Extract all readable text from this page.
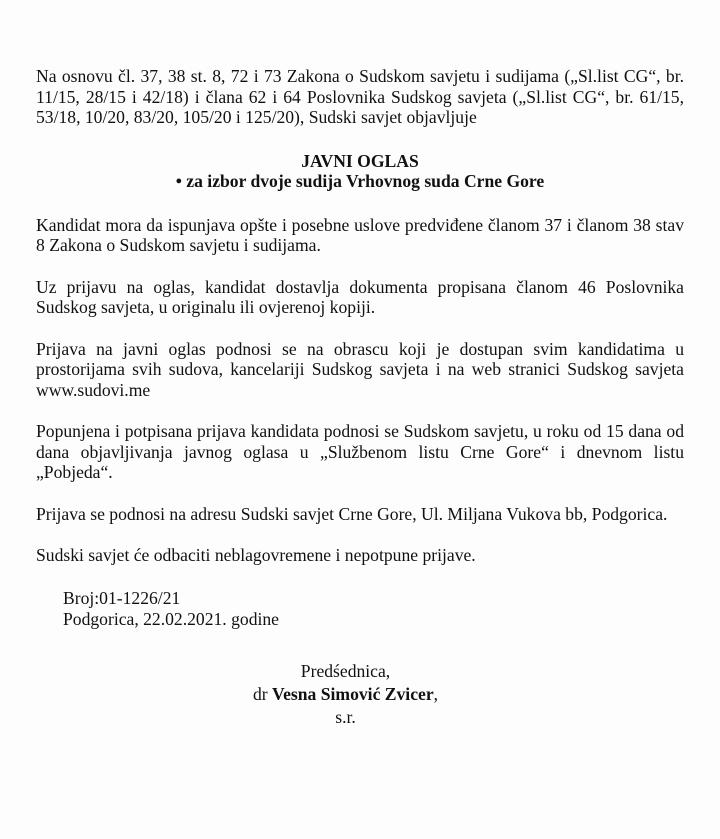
Na osnovu čl. 37, 38 st. 8, 72 i 73 Zakona o Sudskom savjetu i sudijama („Sl.list CG“, br. 11/15, 28/15 i 42/18) i člana 62 i 64 Poslovnika Sudskog savjeta („Sl.list CG“, br. 61/15, 53/18, 10/20, 83/20, 105/20 i 125/20), Sudski savjet objavljuje

JAVNI OGLAS
• za izbor dvoje sudija Vrhovnog suda Crne Gore

Kandidat mora da ispunjava opšte i posebne uslove predviđene članom 37 i članom 38 stav 8 Zakona o Sudskom savjetu i sudijama.

Uz prijavu na oglas, kandidat dostavlja dokumenta propisana članom 46 Poslovnika Sudskog savjeta, u originalu ili ovjerenoj kopiji.

Prijava na javni oglas podnosi se na obrascu koji je dostupan svim kandidatima u prostorijama svih sudova, kancelariji Sudskog savjeta i na web stranici Sudskog savjeta www.sudovi.me

Popunjena i potpisana prijava kandidata podnosi se Sudskom savjetu, u roku od 15 dana od dana objavljivanja javnog oglasa u „Službenom listu Crne Gore“ i dnevnom listu „Pobjeda“.

Prijava se podnosi na adresu Sudski savjet Crne Gore, Ul. Miljana Vukova bb, Podgorica.

Sudski savjet će odbaciti neblagovremene i nepotpune prijave.

Broj:01-1226/21
Podgorica, 22.02.2021. godine
Predśednica,
dr Vesna Simović Zvicer, s.r.
